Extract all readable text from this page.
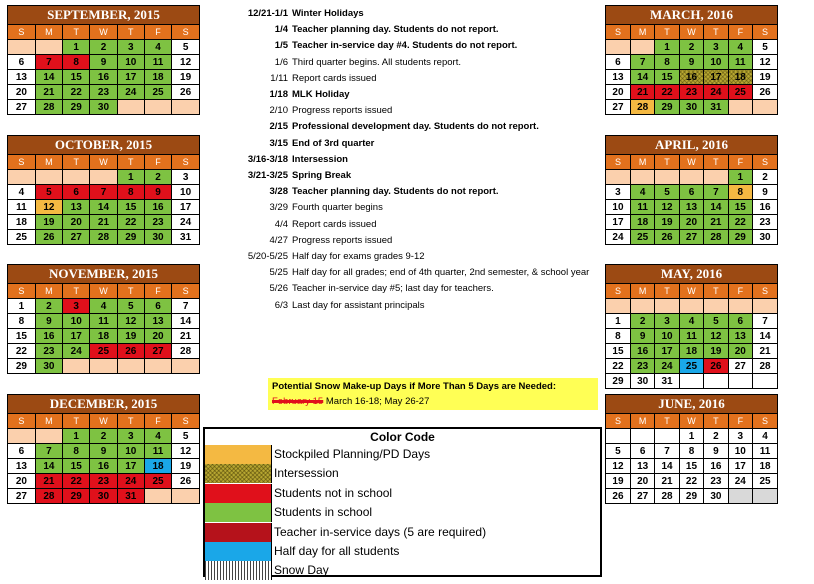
SEPTEMBER, 2015
S	M	T	W	T	F	S
		1	2	3	4	5
6	7	8	9	10	11	12
13	14	15	16	17	18	19
20	21	22	23	24	25	26
27	28	29	30			
OCTOBER, 2015
S	M	T	W	T	F	S
				1	2	3
4	5	6	7	8	9	10
11	12	13	14	15	16	17
18	19	20	21	22	23	24
25	26	27	28	29	30	31
NOVEMBER, 2015
S	M	T	W	T	F	S
1	2	3	4	5	6	7
8	9	10	11	12	13	14
15	16	17	18	19	20	21
22	23	24	25	26	27	28
29	30					
DECEMBER, 2015
S	M	T	W	T	F	S
		1	2	3	4	5
6	7	8	9	10	11	12
13	14	15	16	17	18	19
20	21	22	23	24	25	26
27	28	29	30	31		
MARCH, 2016
S	M	T	W	T	F	S
		1	2	3	4	5
6	7	8	9	10	11	12
13	14	15	16	17	18	19
20	21	22	23	24	25	26
27	28	29	30	31		
APRIL, 2016
S	M	T	W	T	F	S
					1	2
3	4	5	6	7	8	9
10	11	12	13	14	15	16
17	18	19	20	21	22	23
24	25	26	27	28	29	30
MAY, 2016
S	M	T	W	T	F	S

1	2	3	4	5	6	7
8	9	10	11	12	13	14
15	16	17	18	19	20	21
22	23	24	25	26	27	28
29	30	31				
JUNE, 2016
S	M	T	W	T	F	S
			1	2	3	4
5	6	7	8	9	10	11
12	13	14	15	16	17	18
19	20	21	22	23	24	25
26	27	28	29	30		
12/21-1/1 Winter Holidays
1/4 Teacher planning day. Students do not report.
1/5 Teacher in-service day #4. Students do not report.
1/6 Third quarter begins. All students report.
1/11 Report cards issued
1/18 MLK Holiday
2/10 Progress reports issued
2/15 Professional development day. Students do not report.
3/15 End of 3rd quarter
3/16-3/18 Intersession
3/21-3/25 Spring Break
3/28 Teacher planning day. Students do not report.
3/29 Fourth quarter begins
4/4 Report cards issued
4/27 Progress reports issued
5/20-5/25 Half day for exams grades 9-12
5/25 Half day for all grades; end of 4th quarter, 2nd semester, & school year
5/26 Teacher in-service day #5; last day for teachers.
6/3 Last day for assistant principals
Potential Snow Make-up Days if More Than 5 Days are Needed:
February 15 March 16-18; May 26-27
Color Code
Stockpiled Planning/PD Days
Intersession
Students not in school
Students in school
Teacher in-service days (5 are required)
Half day for all students
Snow Day
